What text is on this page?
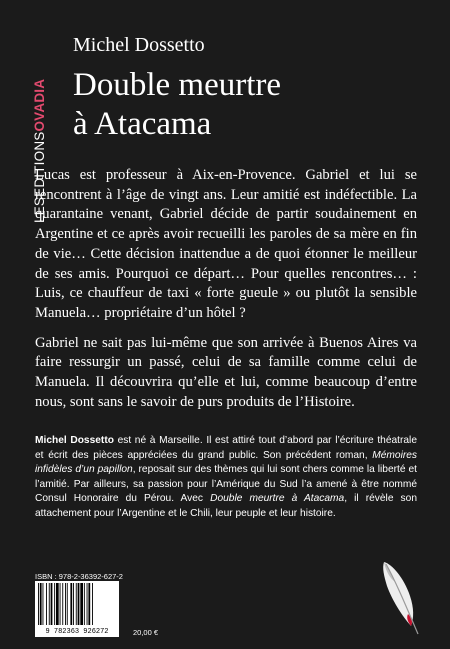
LESEDITIONSOVADIA
Michel Dossetto
Double meurtre
à Atacama

Lucas est professeur à Aix-en-Provence. Gabriel et lui se rencontrent à l’âge de vingt ans. Leur amitié est indéfectible. La quarantaine venant, Gabriel décide de partir soudainement en Argentine et ce après avoir recueilli les paroles de sa mère en fin de vie… Cette décision inattendue a de quoi étonner le meilleur de ses amis. Pourquoi ce départ… Pour quelles rencontres… : Luis, ce chauffeur de taxi « forte gueule » ou plutôt la sensible Manuela… propriétaire d’un hôtel ?

Gabriel ne sait pas lui-même que son arrivée à Buenos Aires va faire ressurgir un passé, celui de sa famille comme celui de Manuela. Il découvrira qu’elle et lui, comme beaucoup d’entre nous, sont sans le savoir de purs produits de l’Histoire.

Michel Dossetto est né à Marseille. Il est attiré tout d’abord par l’écriture théatrale et écrit des pièces appréciées du grand public. Son précédent roman, Mémoires infidèles d’un papillon, reposait sur des thèmes qui lui sont chers comme la liberté et l’amitié. Par ailleurs, sa passion pour l’Amérique du Sud l’a amené à être nommé Consul Honoraire du Pérou. Avec Double meurtre à Atacama, il révèle son attachement pour l’Argentine et le Chili, leur peuple et leur histoire.
ISBN : 978-2-36392-627-2
9 782363 926272	20,00 €
